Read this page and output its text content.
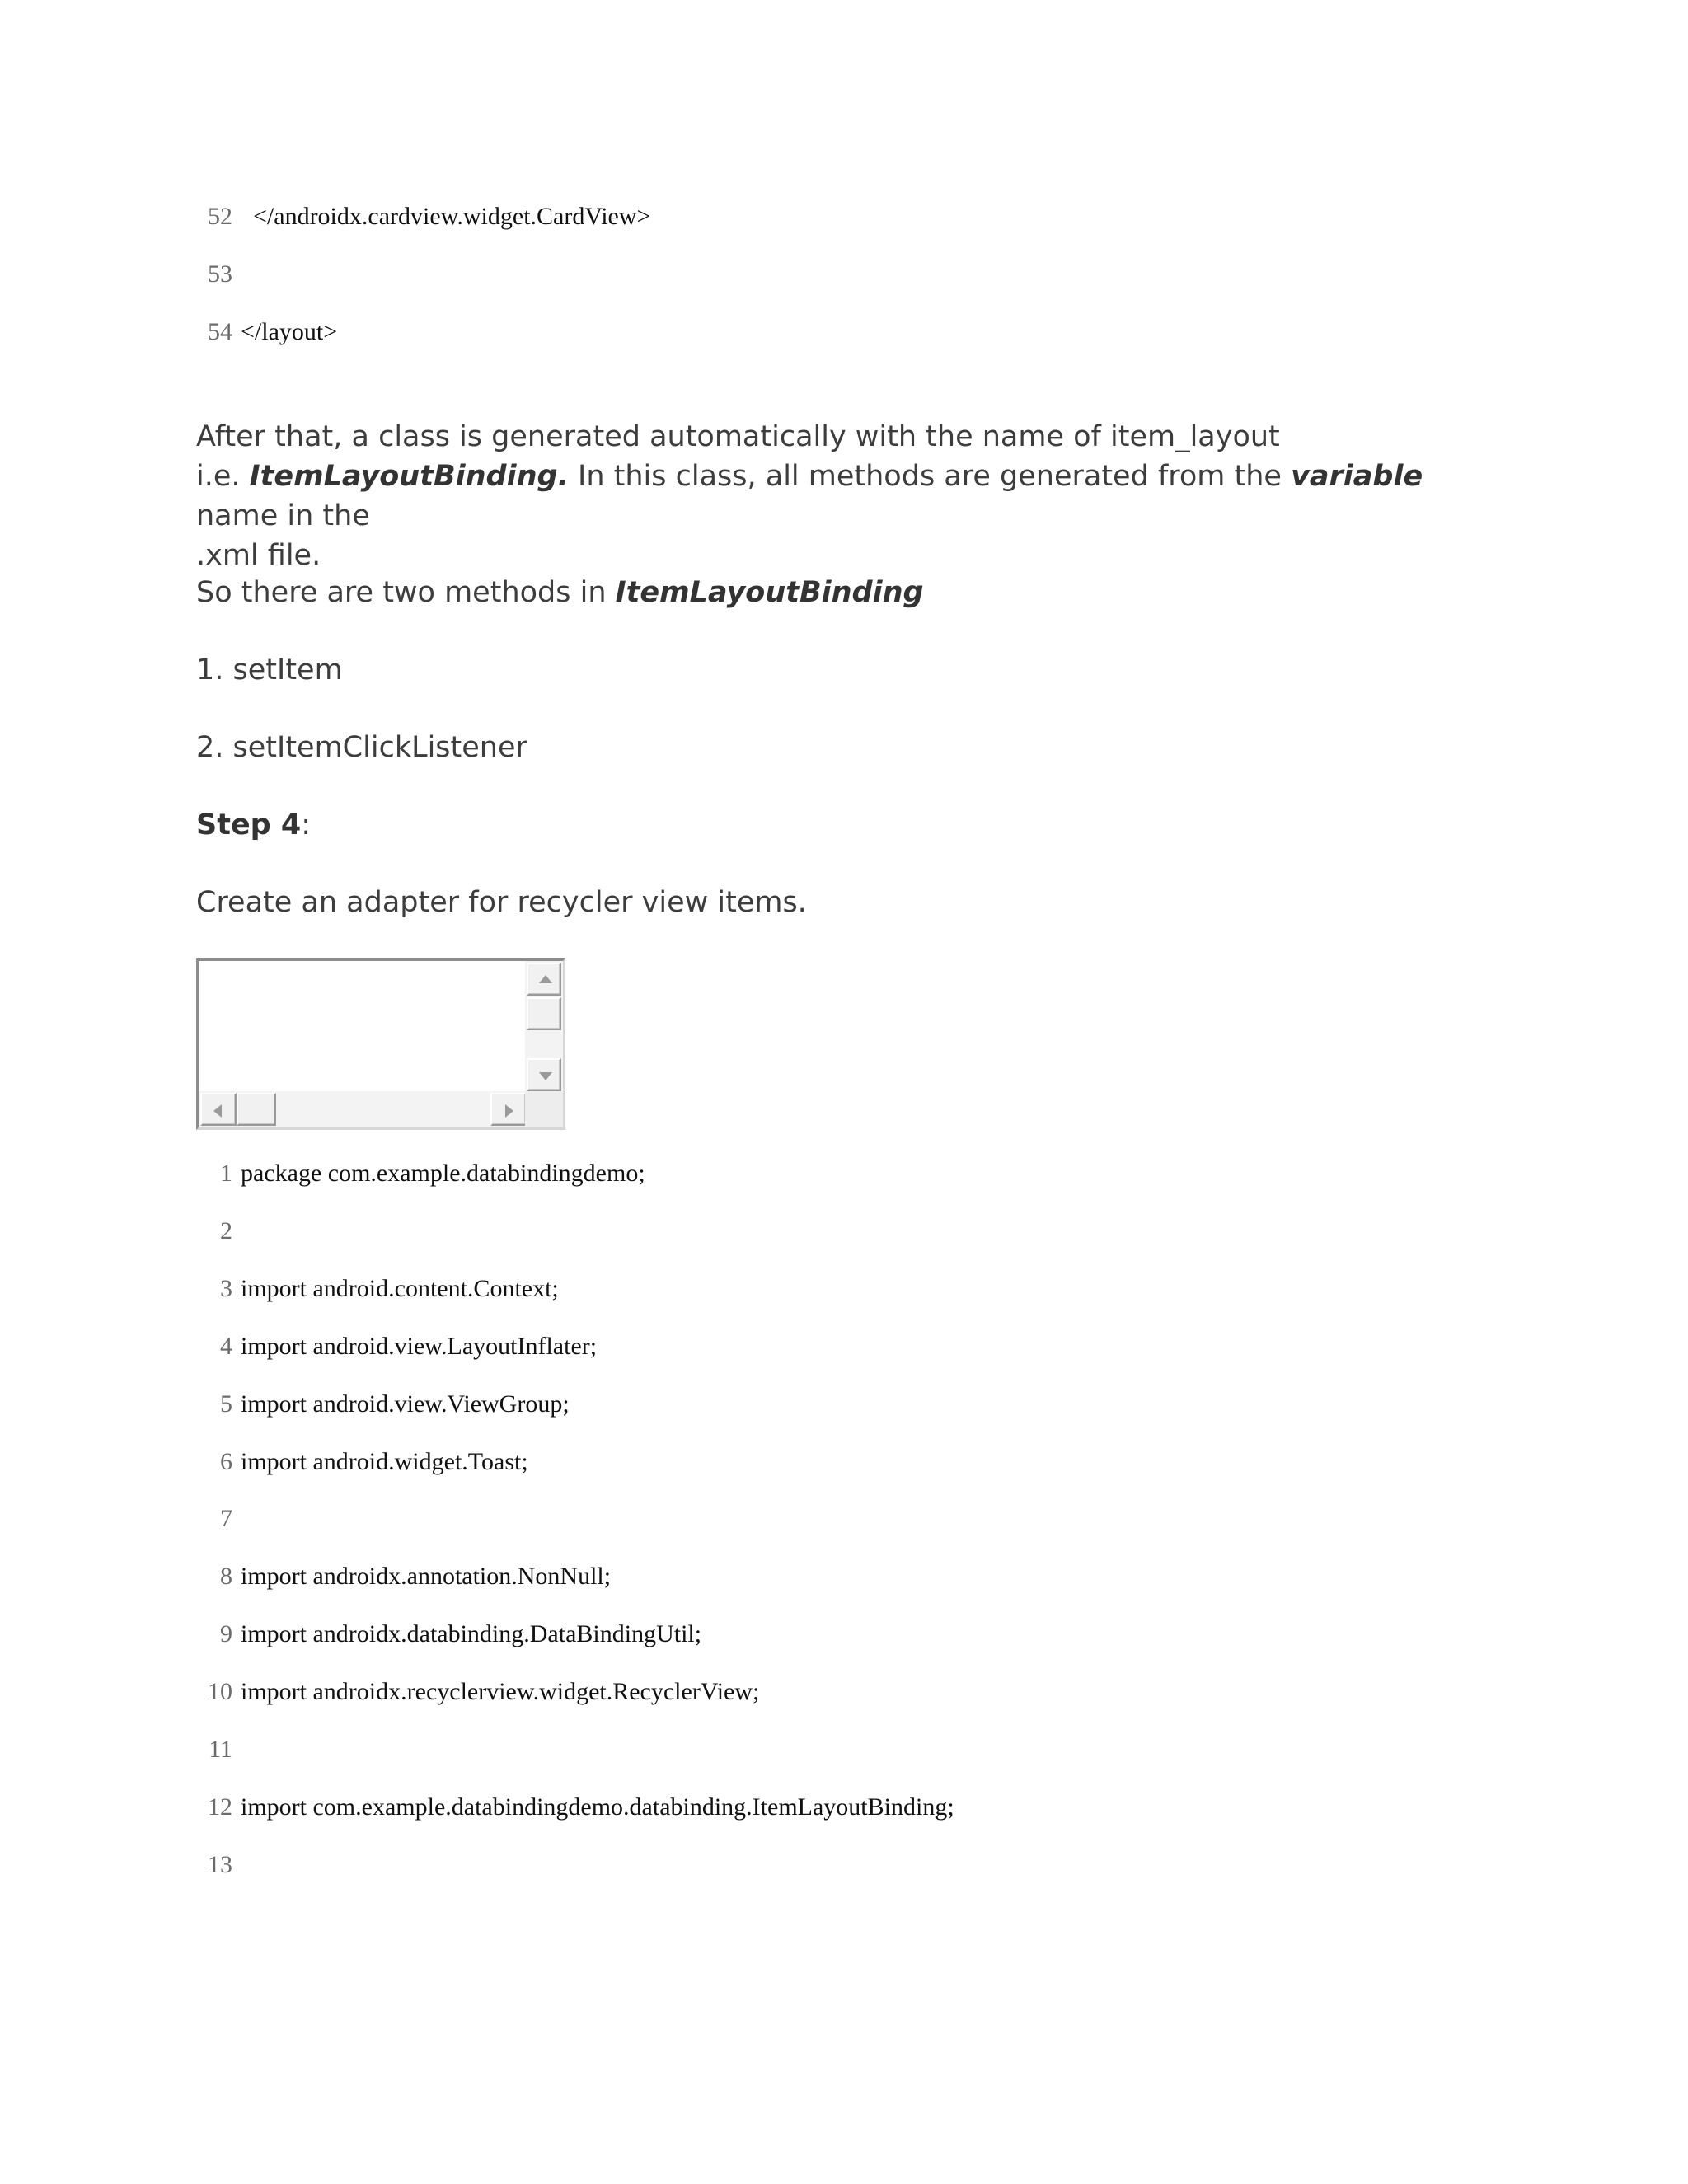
52  </androidx.cardview.widget.CardView>
53
54 </layout>
After that, a class is generated automatically with the name of item_layout
i.e. ItemLayoutBinding. In this class, all methods are generated from the variable name in the
.xml file.
So there are two methods in ItemLayoutBinding
1. setItem
2. setItemClickListener
Step 4:
Create an adapter for recycler view items.
1 package com.example.databindingdemo;
2
3 import android.content.Context;
4 import android.view.LayoutInflater;
5 import android.view.ViewGroup;
6 import android.widget.Toast;
7
8 import androidx.annotation.NonNull;
9 import androidx.databinding.DataBindingUtil;
10 import androidx.recyclerview.widget.RecyclerView;
11
12 import com.example.databindingdemo.databinding.ItemLayoutBinding;
13
